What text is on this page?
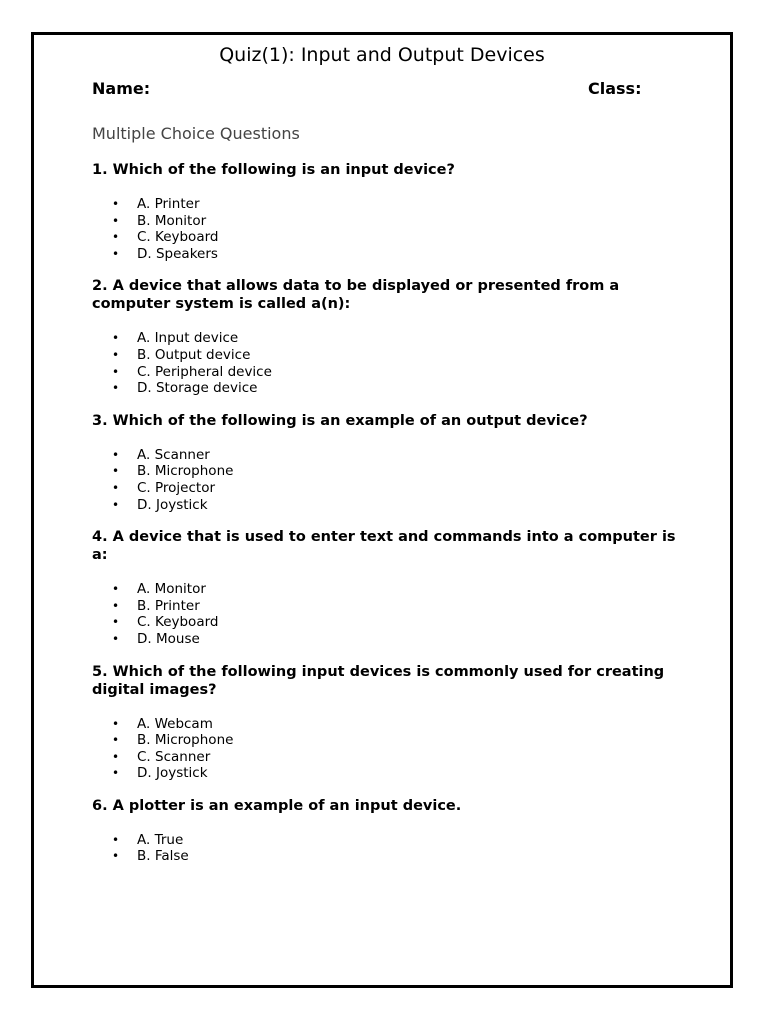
Quiz(1): Input and Output Devices
Name:	Class:
Multiple Choice Questions

1. Which of the following is an input device?

• A. Printer
• B. Monitor
• C. Keyboard
• D. Speakers

2. A device that allows data to be displayed or presented from a computer system is called a(n):

• A. Input device
• B. Output device
• C. Peripheral device
• D. Storage device

3. Which of the following is an example of an output device?

• A. Scanner
• B. Microphone
• C. Projector
• D. Joystick

4. A device that is used to enter text and commands into a computer is a:

• A. Monitor
• B. Printer
• C. Keyboard
• D. Mouse

5. Which of the following input devices is commonly used for creating digital images?

• A. Webcam
• B. Microphone
• C. Scanner
• D. Joystick

6. A plotter is an example of an input device.

• A. True
• B. False
